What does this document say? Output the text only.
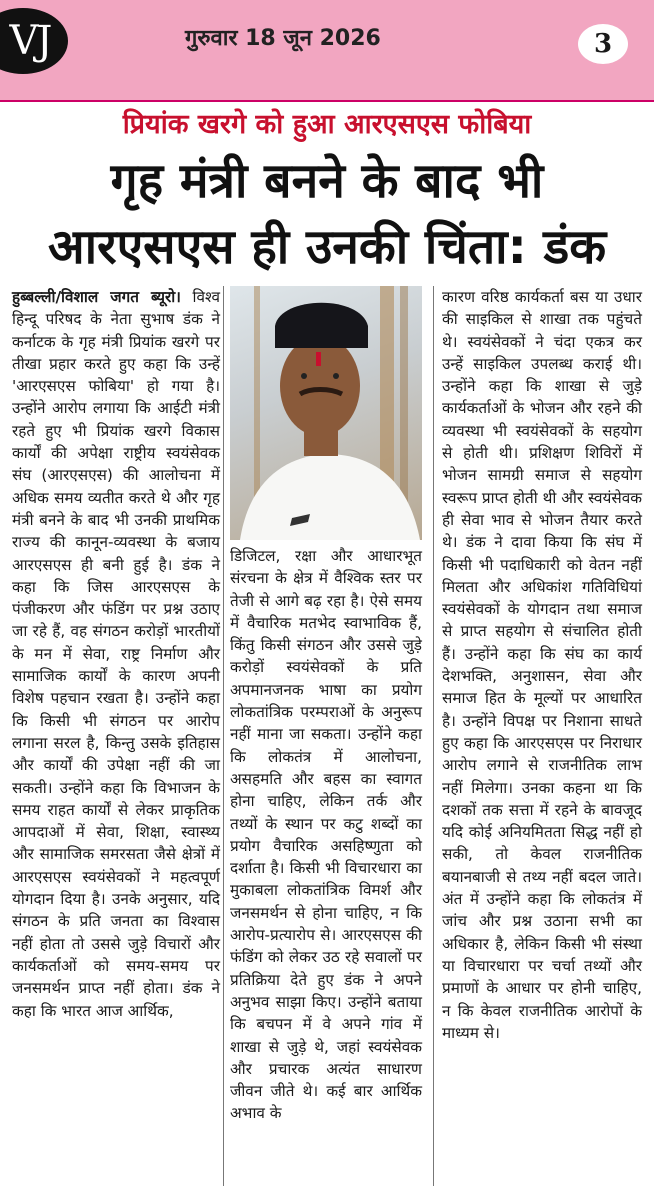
VJ	गुरुवार 18 जून 2026	3
प्रियांक खरगे को हुआ आरएसएस फोबिया
गृह मंत्री बनने के बाद भी
आरएसएस ही उनकी चिंता: डंक
हुब्बल्ली/विशाल जगत ब्यूरो। विश्व हिन्दू परिषद के नेता सुभाष डंक ने कर्नाटक के गृह मंत्री प्रियांक खरगे पर तीखा प्रहार करते हुए कहा कि उन्हें 'आरएसएस फोबिया' हो गया है। उन्होंने आरोप लगाया कि आईटी मंत्री रहते हुए भी प्रियांक खरगे विकास कार्यों की अपेक्षा राष्ट्रीय स्वयंसेवक संघ (आरएसएस) की आलोचना में अधिक समय व्यतीत करते थे और गृह मंत्री बनने के बाद भी उनकी प्राथमिक राज्य की कानून-व्यवस्था के बजाय आरएसएस ही बनी हुई है। डंक ने कहा कि जिस आरएसएस के पंजीकरण और फंडिंग पर प्रश्न उठाए जा रहे हैं, वह संगठन करोड़ों भारतीयों के मन में सेवा, राष्ट्र निर्माण और सामाजिक कार्यों के कारण अपनी विशेष पहचान रखता है। उन्होंने कहा कि किसी भी संगठन पर आरोप लगाना सरल है, किन्तु उसके इतिहास और कार्यों की उपेक्षा नहीं की जा सकती। उन्होंने कहा कि विभाजन के समय राहत कार्यों से लेकर प्राकृतिक आपदाओं में सेवा, शिक्षा, स्वास्थ्य और सामाजिक समरसता जैसे क्षेत्रों में आरएसएस स्वयंसेवकों ने महत्वपूर्ण योगदान दिया है। उनके अनुसार, यदि संगठन के प्रति जनता का विश्वास नहीं होता तो उससे जुड़े विचारों और कार्यकर्ताओं को समय-समय पर जनसमर्थन प्राप्त नहीं होता। डंक ने कहा कि भारत आज आर्थिक,
डिजिटल, रक्षा और आधारभूत संरचना के क्षेत्र में वैश्विक स्तर पर तेजी से आगे बढ़ रहा है। ऐसे समय में वैचारिक मतभेद स्वाभाविक हैं, किंतु किसी संगठन और उससे जुड़े करोड़ों स्वयंसेवकों के प्रति अपमानजनक भाषा का प्रयोग लोकतांत्रिक परम्पराओं के अनुरूप नहीं माना जा सकता। उन्होंने कहा कि लोकतंत्र में आलोचना, असहमति और बहस का स्वागत होना चाहिए, लेकिन तर्क और तथ्यों के स्थान पर कटु शब्दों का प्रयोग वैचारिक असहिष्णुता को दर्शाता है। किसी भी विचारधारा का मुकाबला लोकतांत्रिक विमर्श और जनसमर्थन से होना चाहिए, न कि आरोप-प्रत्यारोप से। आरएसएस की फंडिंग को लेकर उठ रहे सवालों पर प्रतिक्रिया देते हुए डंक ने अपने अनुभव साझा किए। उन्होंने बताया कि बचपन में वे अपने गांव में शाखा से जुड़े थे, जहां स्वयंसेवक और प्रचारक अत्यंत साधारण जीवन जीते थे। कई बार आर्थिक अभाव के
कारण वरिष्ठ कार्यकर्ता बस या उधार की साइकिल से शाखा तक पहुंचते थे। स्वयंसेवकों ने चंदा एकत्र कर उन्हें साइकिल उपलब्ध कराई थी। उन्होंने कहा कि शाखा से जुड़े कार्यकर्ताओं के भोजन और रहने की व्यवस्था भी स्वयंसेवकों के सहयोग से होती थी। प्रशिक्षण शिविरों में भोजन सामग्री समाज से सहयोग स्वरूप प्राप्त होती थी और स्वयंसेवक ही सेवा भाव से भोजन तैयार करते थे। डंक ने दावा किया कि संघ में किसी भी पदाधिकारी को वेतन नहीं मिलता और अधिकांश गतिविधियां स्वयंसेवकों के योगदान तथा समाज से प्राप्त सहयोग से संचालित होती हैं। उन्होंने कहा कि संघ का कार्य देशभक्ति, अनुशासन, सेवा और समाज हित के मूल्यों पर आधारित है। उन्होंने विपक्ष पर निशाना साधते हुए कहा कि आरएसएस पर निराधार आरोप लगाने से राजनीतिक लाभ नहीं मिलेगा। उनका कहना था कि दशकों तक सत्ता में रहने के बावजूद यदि कोई अनियमितता सिद्ध नहीं हो सकी, तो केवल राजनीतिक बयानबाजी से तथ्य नहीं बदल जाते। अंत में उन्होंने कहा कि लोकतंत्र में जांच और प्रश्न उठाना सभी का अधिकार है, लेकिन किसी भी संस्था या विचारधारा पर चर्चा तथ्यों और प्रमाणों के आधार पर होनी चाहिए, न कि केवल राजनीतिक आरोपों के माध्यम से।
